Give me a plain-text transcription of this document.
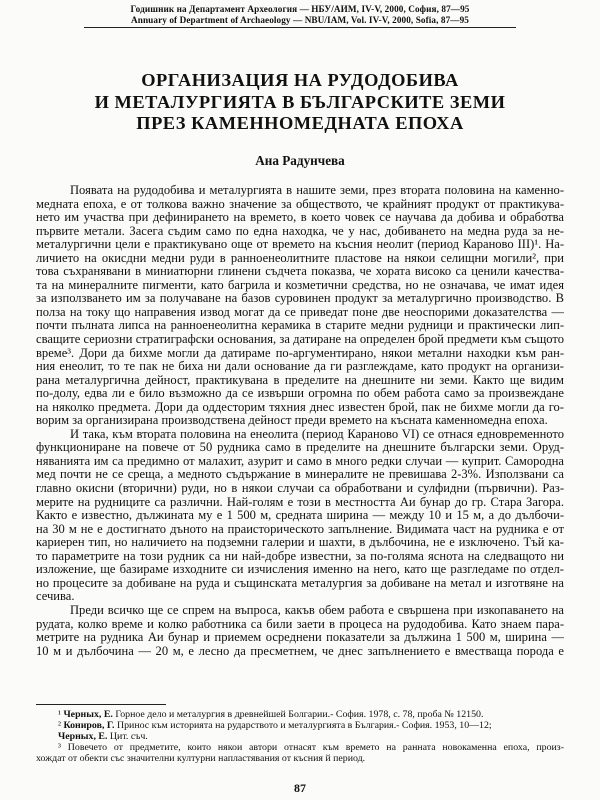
Годишник на Департамент Археология — НБУ/АИМ, IV-V, 2000, София, 87—95
Annuary of Department of Archaeology — NBU/IAM, Vol. IV-V, 2000, Sofia, 87—95
ОРГАНИЗАЦИЯ НА РУДОДОБИВА
И МЕТАЛУРГИЯТА В БЪЛГАРСКИТЕ ЗЕМИ
ПРЕЗ КАМЕННОМЕДНАТА ЕПОХА
Ана Радунчева
Появата на рудодобива и металургията в нашите земи, през втората половина на каменно-
медната епоха, е от толкова важно значение за обществото, че крайният продукт от практикува-
нето им участва при дефинирането на времето, в което човек се научава да добива и обработва
първите метали. Засега съдим само по една находка, че у нас, добиването на медна руда за не-
металургични цели е практикувано още от времето на късния неолит (период Караново III)¹. На-
личието на окисдни медни руди в ранноенеолитните пластове на някои селищни могили², при
това съхранявани в миниатюрни глинени съдчета показва, че хората високо са ценили качества-
та на минералните пигменти, като багрила и козметични средства, но не означава, че имат идея
за използването им за получаване на базов суровинен продукт за металургично производство. В
полза на току що направения извод могат да се приведат поне две неоспорими доказателства —
почти пълната липса на ранноенеолитна керамика в старите медни рудници и практически лип-
сващите сериозни стратиграфски основания, за датиране на определен брой предмети към същото
време³. Дори да бихме могли да датираме по-аргументирано, някои метални находки към ран-
ния енеолит, то те пак не биха ни дали основание да ги разглеждаме, като продукт на организи-
рана металургична дейност, практикувана в пределите на днешните ни земи. Както ще видим
по-долу, едва ли е било възможно да се извърши огромна по обем работа само за произвеждане
на няколко предмета. Дори да оддесторим тяхния днес известен брой, пак не бихме могли да го-
ворим за организирана производствена дейност преди времето на късната каменномедна епоха.
И така, към втората половина на енеолита (период Караново VI) се отнася едновременното
функциониране на повече от 50 рудника само в пределите на днешните български земи. Оруд-
няванията им са предимно от малахит, азурит и само в много редки случаи — куприт. Самородна
мед почти не се среща, а медното съдържание в минералите не превишава 2-3%. Използвани са
главно окисни (вторични) руди, но в някои случаи са обработвани и сулфидни (първични). Раз-
мерите на рудниците са различни. Най-голям е този в местността Аи бунар до гр. Стара Загора.
Както е известно, дължината му е 1 500 м, средната ширина — между 10 и 15 м, а до дълбочи-
на 30 м не е достигнато дъното на праисторическото запълнение. Видимата част на рудника е от
кариерен тип, но наличието на подземни галерии и шахти, в дълбочина, не е изключено. Тъй ка-
то параметрите на този рудник са ни най-добре известни, за по-голяма яснота на следващото ни
изложение, ще базираме изходните си изчисления именно на него, като ще разгледаме по отдел-
но процесите за добиване на руда и същинската металургия за добиване на метал и изготвяне на
сечива.
Преди всичко ще се спрем на въпроса, какъв обем работа е свършена при изкопаването на
рудата, колко време и колко работника са били заети в процеса на рудодобива. Като знаем пара-
метрите на рудника Аи бунар и приемем осреднени показатели за дължина 1 500 м, ширина —
10 м и дълбочина — 20 м, е лесно да пресметнем, че днес запълнението е вместваща порода е
¹ Черных, Е. Горное дело и металургия в древнейшей Болгарии.- София. 1978, с. 78, проба № 12150.
² Кониров, Г. Принос към историята на рударството и металургията в България.- София. 1953, 10—12;
Черных, Е. Цит. съч.
³ Повечето от предметите, които някои автори отнасят към времето на ранната новокаменна епоха, произ-
хождат от обекти със значителни културни напластявания от късния й период.
87
